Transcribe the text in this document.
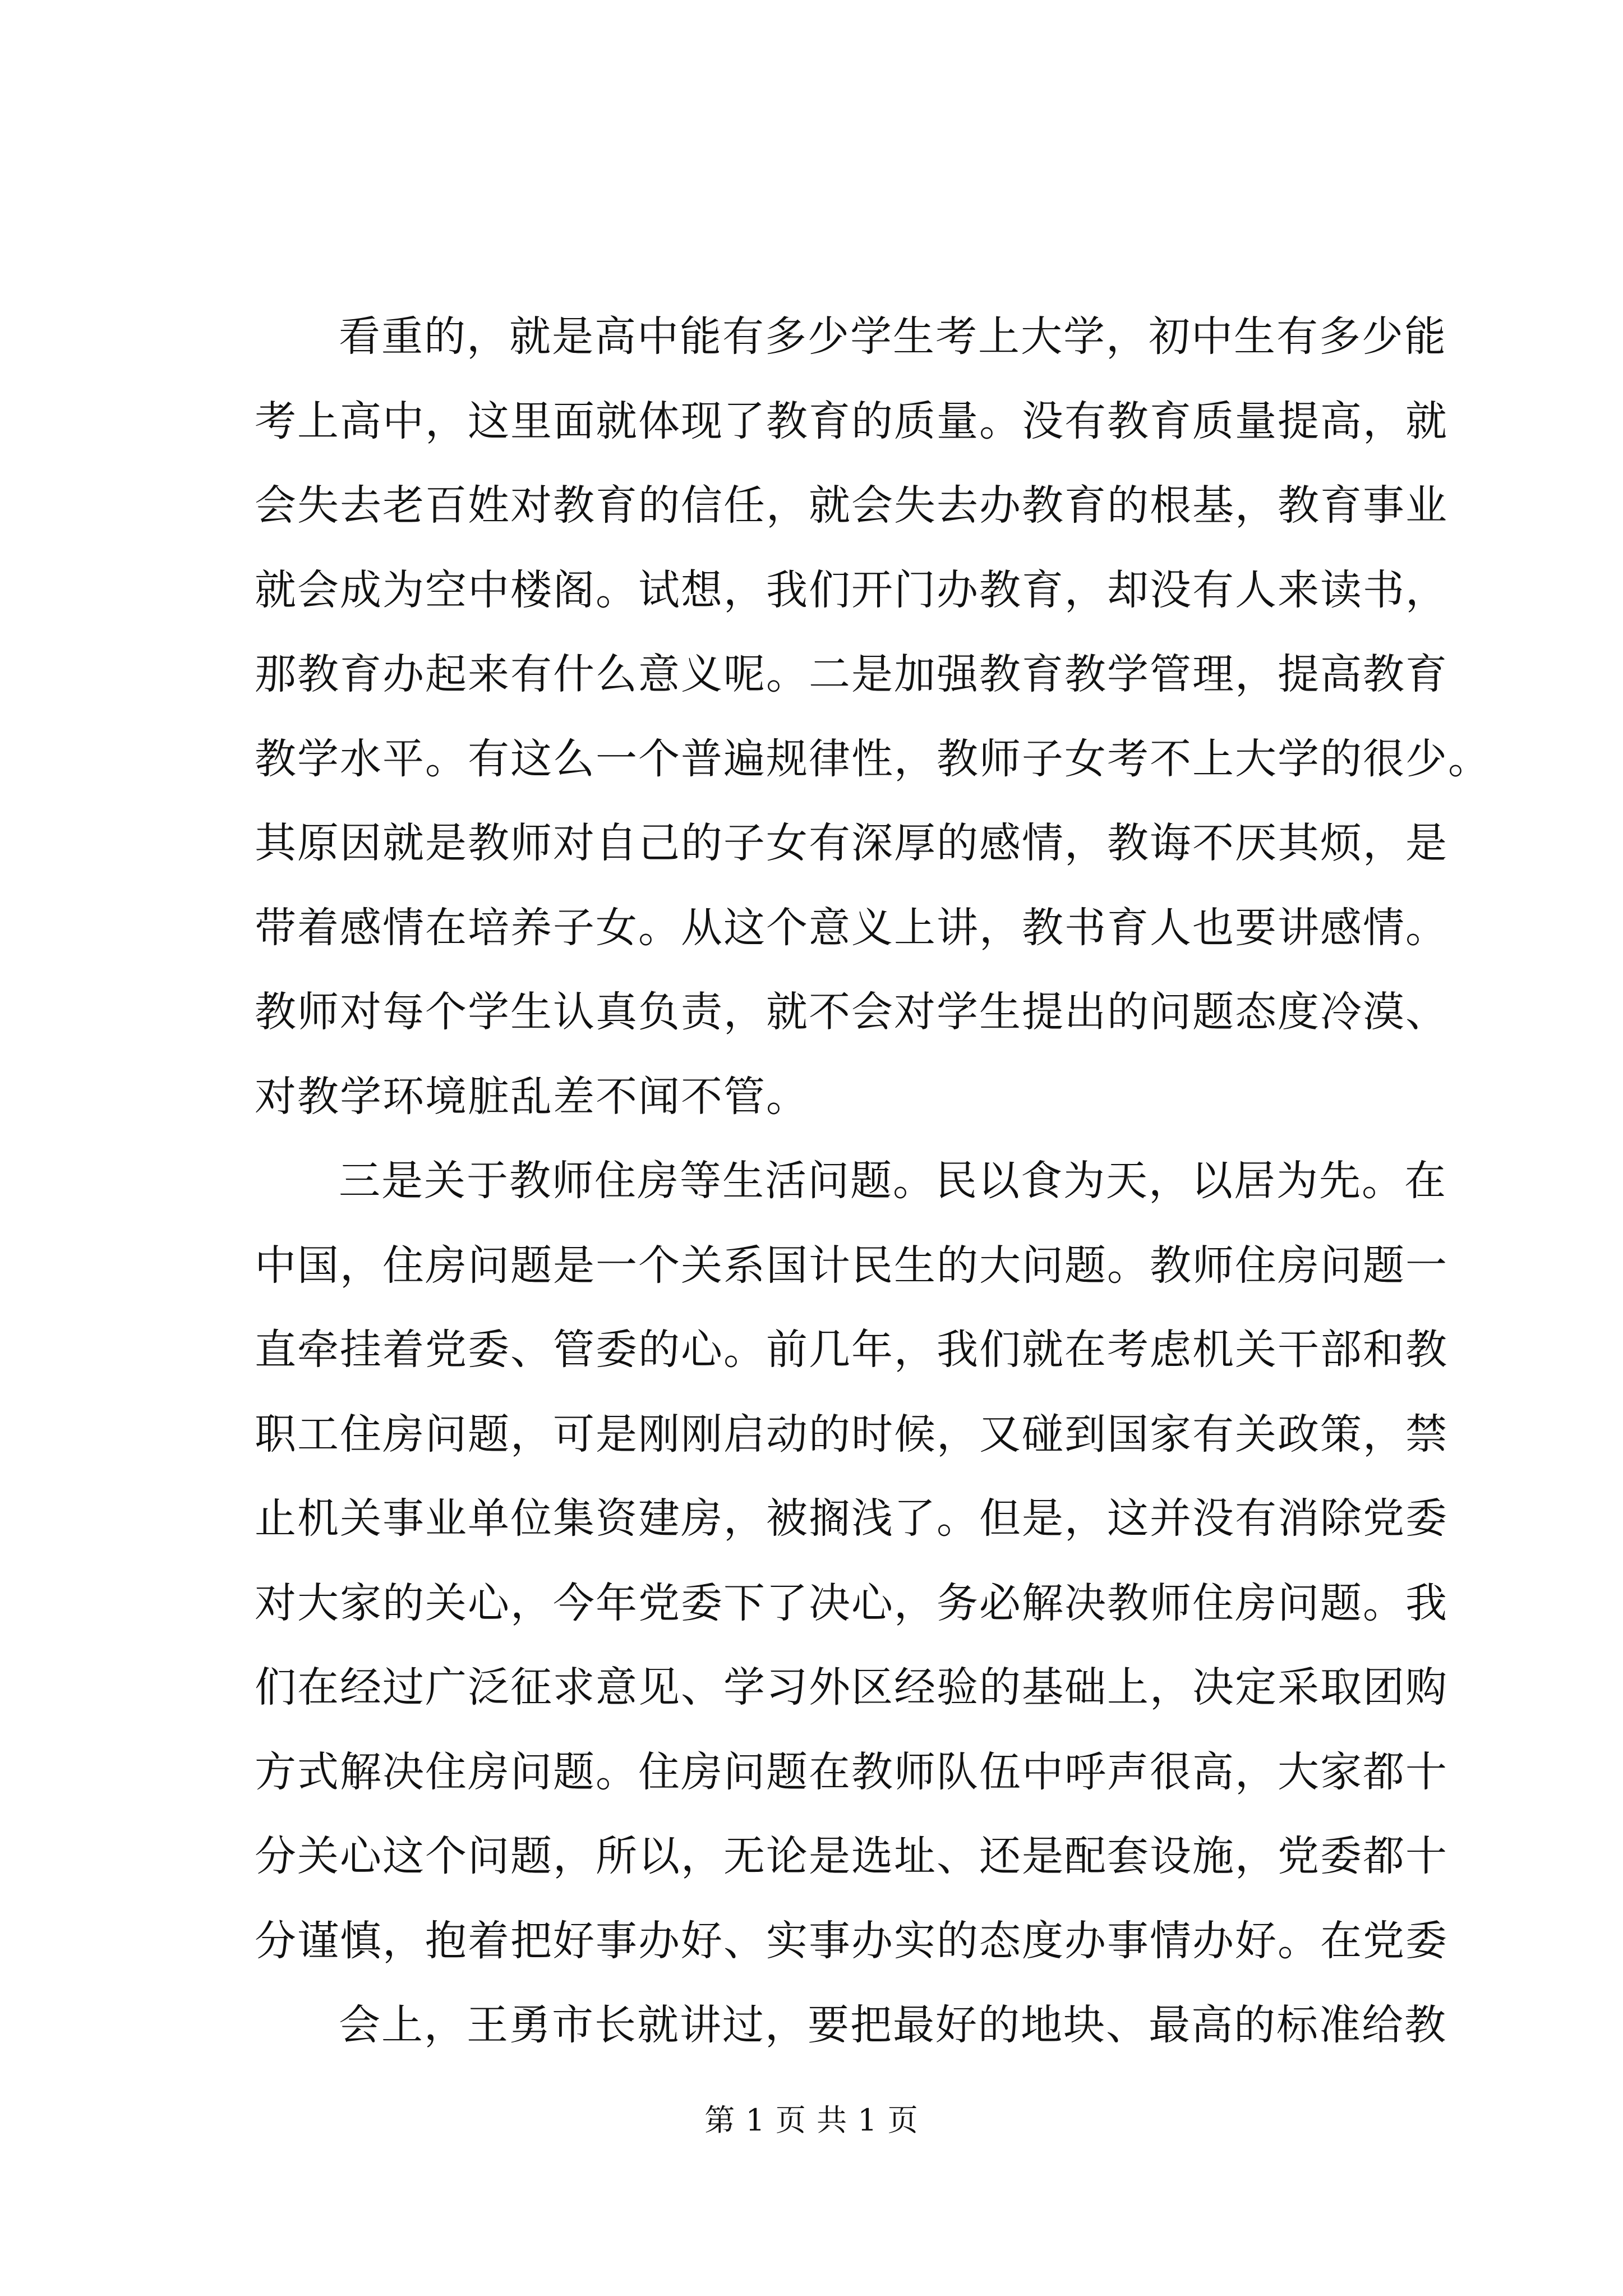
看重的，就是高中能有多少学生考上大学，初中生有多少能
考上高中，这里面就体现了教育的质量。没有教育质量提高，就
会失去老百姓对教育的信任，就会失去办教育的根基，教育事业
就会成为空中楼阁。试想，我们开门办教育，却没有人来读书，
那教育办起来有什么意义呢。二是加强教育教学管理，提高教育
教学水平。有这么一个普遍规律性，教师子女考不上大学的很少。
其原因就是教师对自己的子女有深厚的感情，教诲不厌其烦，是
带着感情在培养子女。从这个意义上讲，教书育人也要讲感情。
教师对每个学生认真负责，就不会对学生提出的问题态度冷漠、
对教学环境脏乱差不闻不管。
三是关于教师住房等生活问题。民以食为天，以居为先。在
中国，住房问题是一个关系国计民生的大问题。教师住房问题一
直牵挂着党委、管委的心。前几年，我们就在考虑机关干部和教
职工住房问题，可是刚刚启动的时候，又碰到国家有关政策，禁
止机关事业单位集资建房，被搁浅了。但是，这并没有消除党委
对大家的关心，今年党委下了决心，务必解决教师住房问题。我
们在经过广泛征求意见、学习外区经验的基础上，决定采取团购
方式解决住房问题。住房问题在教师队伍中呼声很高，大家都十
分关心这个问题，所以，无论是选址、还是配套设施，党委都十
分谨慎，抱着把好事办好、实事办实的态度办事情办好。在党委
会上，王勇市长就讲过，要把最好的地块、最高的标准给教
第 1 页 共 1 页
